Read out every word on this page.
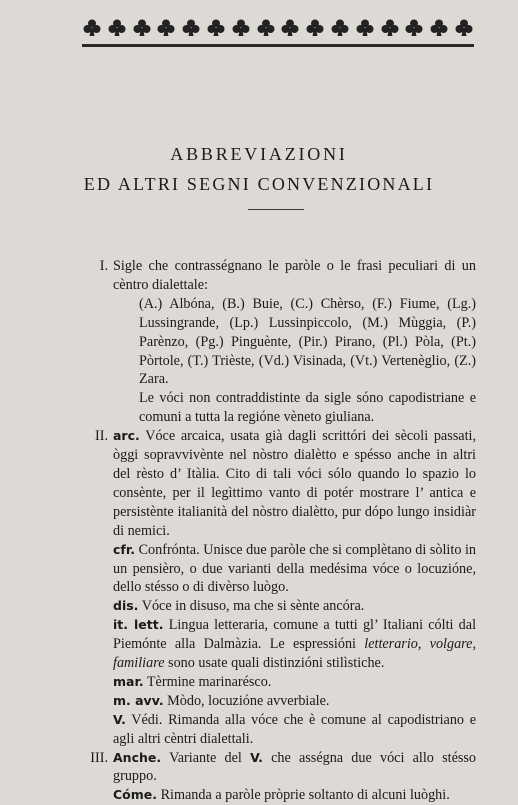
ABBREVIAZIONI
ED ALTRI SEGNI CONVENZIONALI
I. Sigle che contrasségnano le paròle o le frasi peculiari di un cèntro dialettale:
(A.) Albóna, (B.) Buie, (C.) Chèrso, (F.) Fiume, (Lg.) Lussingrande, (Lp.) Lussinpiccolo, (M.) Mùggia, (P.) Parènzo, (Pg.) Pinguènte, (Pir.) Pirano, (Pl.) Pòla, (Pt.) Pòrtole, (T.) Trièste, (Vd.) Visinada, (Vt.) Vertenèglio, (Z.) Zara.
Le vóci non contraddistinte da sigle sóno capodistriane e comuni a tutta la regióne vèneto giuliana.
II. arc. Vóce arcaica, usata già dagli scrittóri dei sècoli passati, òggi sopravvivènte nel nòstro dialètto e spésso anche in altri del rèsto d’ Itàlia. Cito di tali vóci sólo quando lo spazio lo consènte, per il legìttimo vanto di potér mostrare l’ antica e persistènte italianità del nòstro dialètto, pur dópo lungo insidiàr di nemici.
cfr. Confrónta. Unisce due paròle che si complètano di sòlito in un pensièro, o due varianti della medésima vóce o locuzióne, dello stésso o di divèrso luògo.
dis. Vóce in disuso, ma che si sènte ancóra.
it. lett. Lingua letteraria, comune a tutti gl’ Italiani cólti dal Piemónte alla Dalmàzia. Le espressióni letterario, volgare, familiare sono usate quali distinzióni stilìstiche.
mar. Tèrmine marinarésco.
m. avv. Mòdo, locuzióne avverbiale.
V. Védi. Rimanda alla vóce che è comune al capodistriano e agli altri cèntri dialettali.
III. Anche. Variante del V. che asségna due vóci allo stésso gruppo.
Cóme. Rimanda a paròle pròprie soltanto di alcuni luòghi.
